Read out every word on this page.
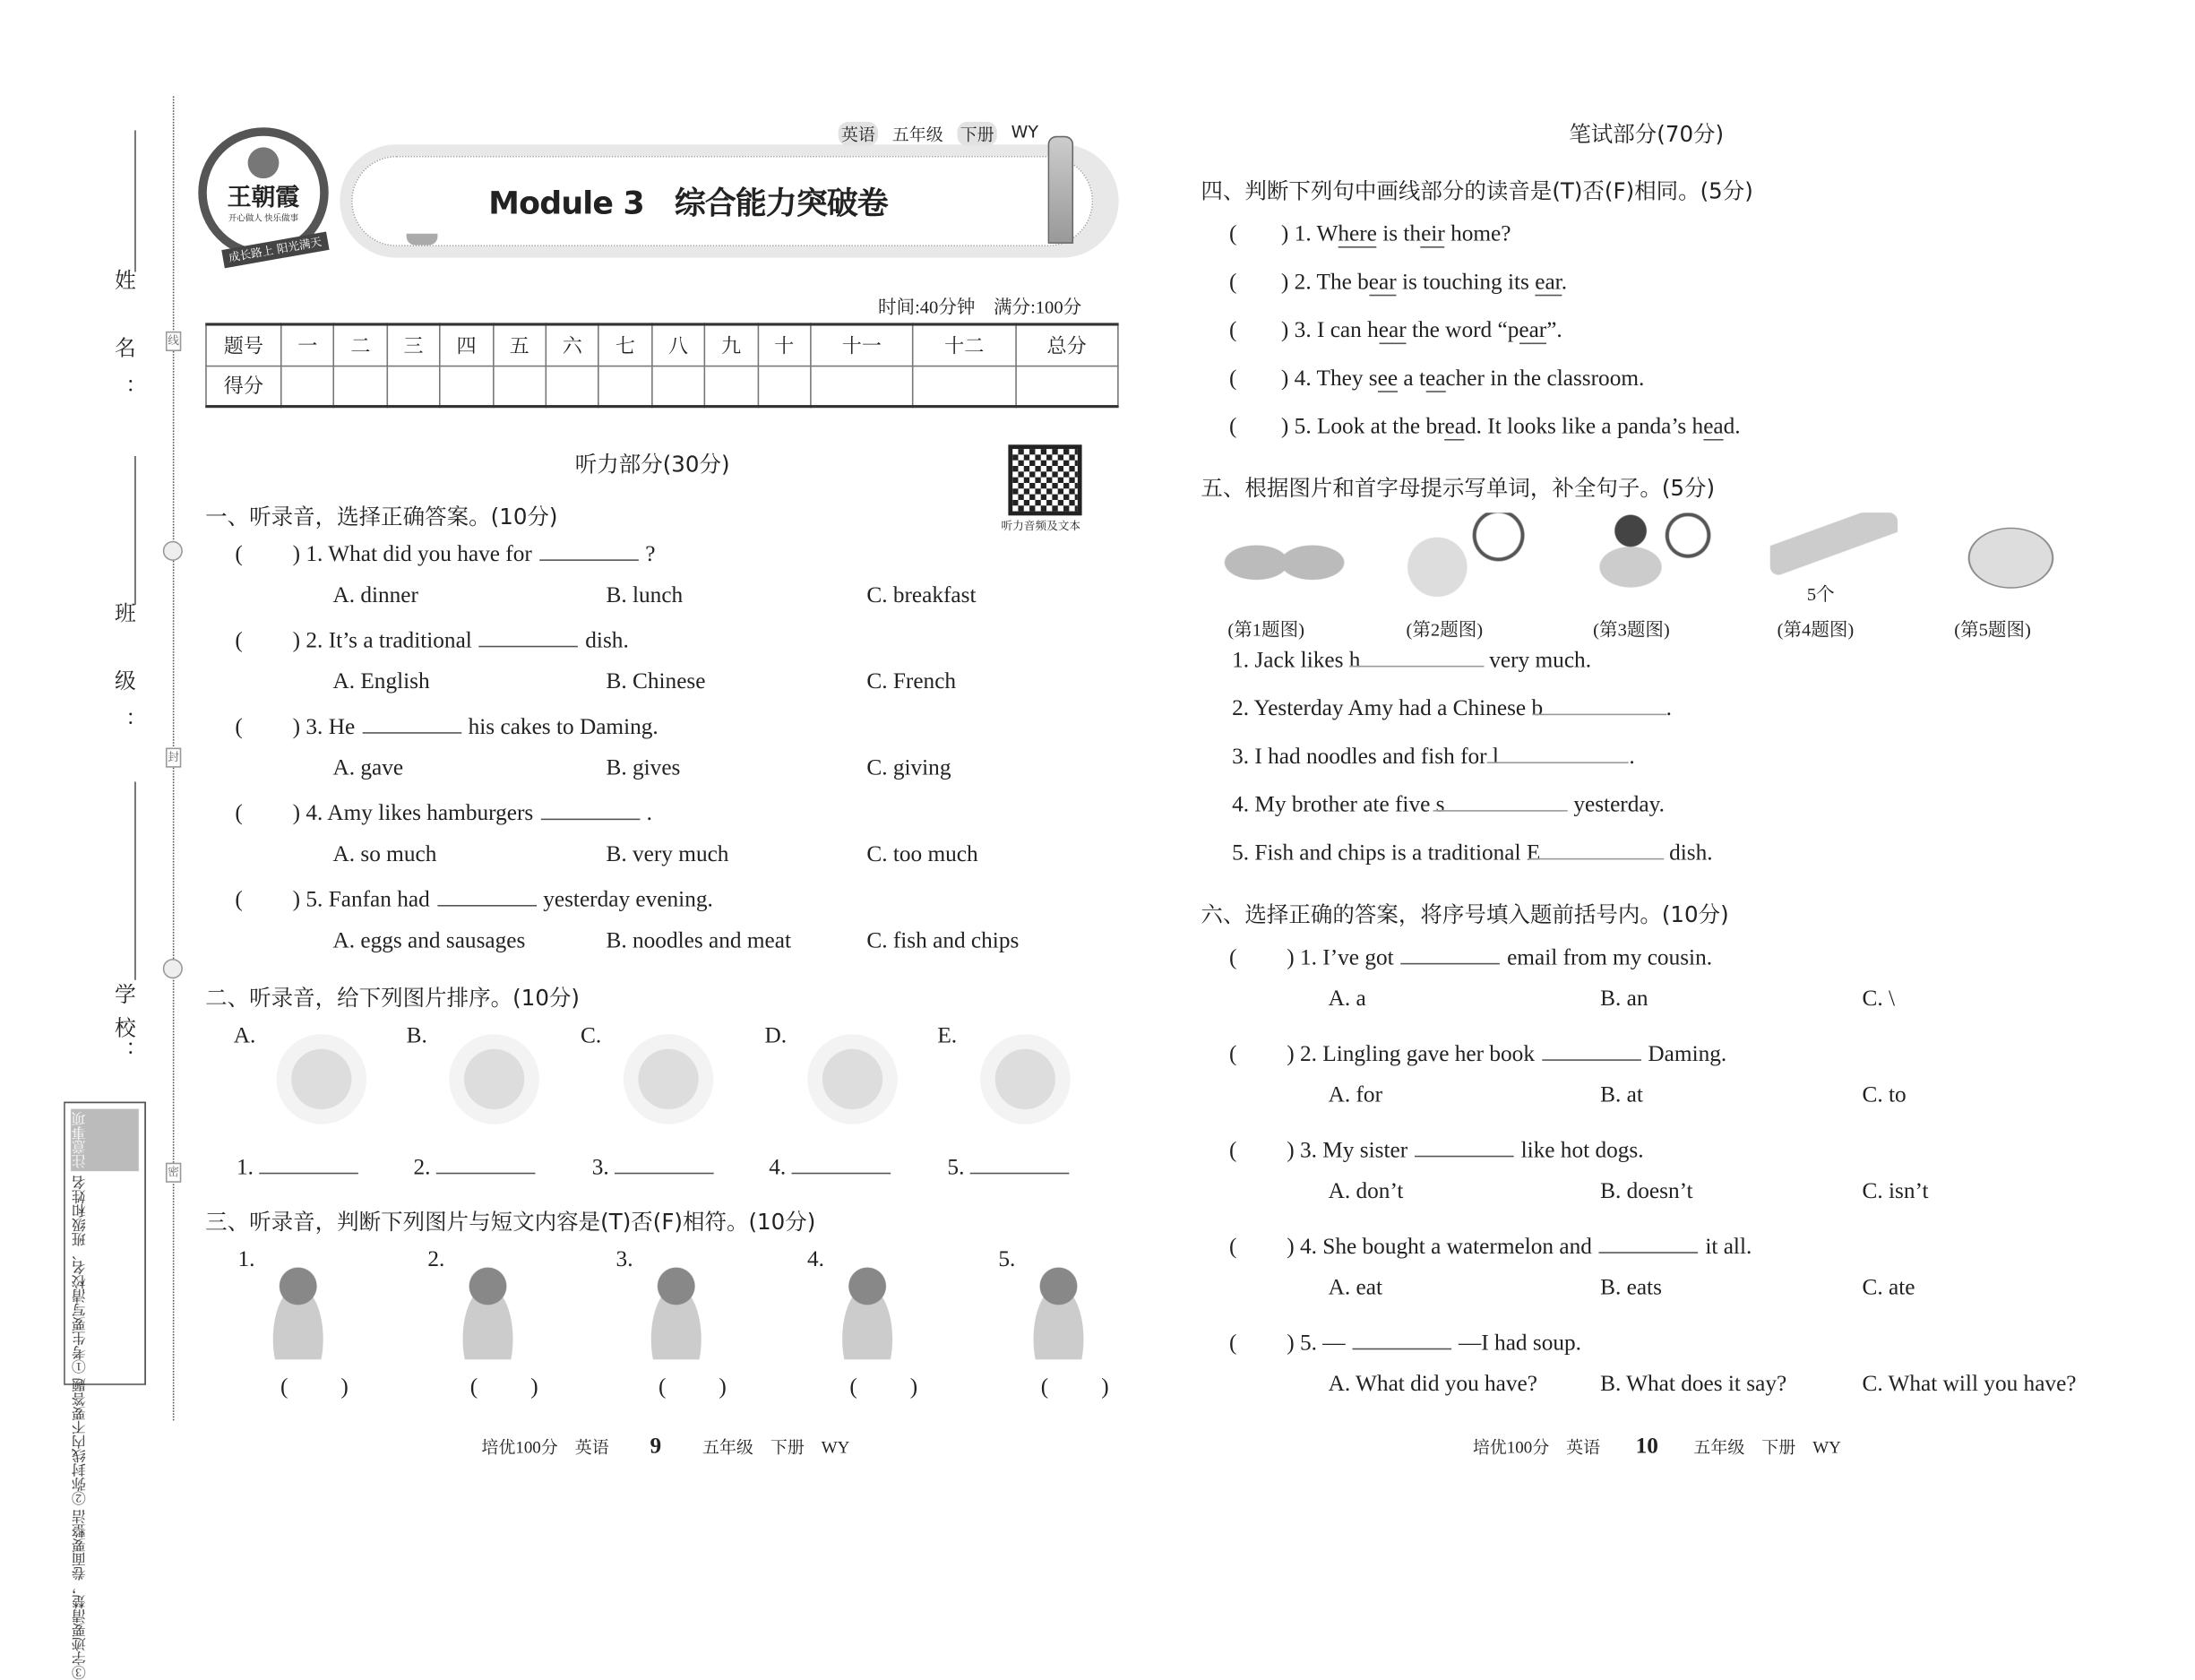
姓 名：
班 级：
学 校：
线
封
密
注意事项
①考生要写清校名、班级和姓名
②弥封线内不要答题
③字迹要清楚，卷面要整洁
王朝霞
开心做人 快乐做事
成长路上 阳光满天
英语 五年级 下册 WY
Module 3　综合能力突破卷
时间:40分钟　满分:100分
题号	一	二	三	四	五	六	七	八	九	十	十一	十二	总分
得分													
听力部分(30分)
听力音频及文本
一、听录音，选择正确答案。(10分)
二、听录音，给下列图片排序。(10分)
三、听录音，判断下列图片与短文内容是(T)否(F)相符。(10分)
笔试部分(70分)
四、判断下列句中画线部分的读音是(T)否(F)相同。(5分)
五、根据图片和首字母提示写单词，补全句子。(5分)
六、选择正确的答案，将序号填入题前括号内。(10分)
培优100分　英语	9	五年级　下册　WY	培优100分　英语 10	五年级　下册　WY
(	) 1. What did you have for	?
A. dinner	B. lunch	C. breakfast
(	) 2. It’s a traditional	dish.
A. English	B. Chinese	C. French
(	) 3. He	his cakes to Daming.
A. gave	B. gives	C. giving
(	) 4. Amy likes hamburgers	.
A. so much	B. very much	C. too much
(	) 5. Fanfan had	yesterday evening.
A. eggs and sausages	B. noodles and meat	C. fish and chips
(	) 1. I’ve got	email from my cousin.
A. a	B. an	C. \
(	) 2. Lingling gave her book	Daming.
A. for	B. at	C. to
(	) 3. My sister	like hot dogs.
A. don’t	B. doesn’t	C. isn’t
(	) 4. She bought a watermelon and	it all.
A. eat	B. eats	C. ate
(	) 5. —	—I had soup.
A. What did you have?	B. What does it say?	C. What will you have?
A.	B.	C.	D.	E.
1.	2.	3.	4.	5.
1.
(	)
2.
(	)
3.
(	)
4.
(	)
5.
(	)
(	) 1. Where is their home?
(	) 2. The bear is touching its ear.
(	) 3. I can hear the word “pear”.
(	) 4. They see a teacher in the classroom.
(	) 5. Look at the bread. It looks like a panda’s head.
(第1题图)	(第2题图)	(第3题图)	(第4题图)	(第5题图)
5个
1. Jack likes h	very much.
2. Yesterday Amy had a Chinese b	.
3. I had noodles and fish for l	.
4. My brother ate five s	yesterday.
5. Fish and chips is a traditional E	dish.
